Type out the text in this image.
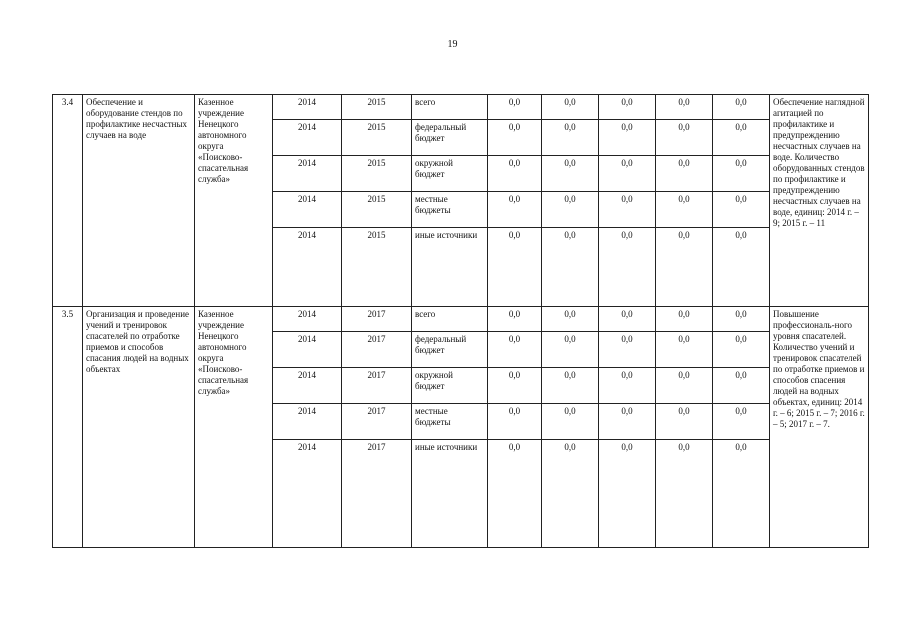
19
3.4	Обеспечение и оборудование стендов по профилактике несчастных случаев на воде	Казенное учреждение Ненецкого автономного округа «Поисково-спасательная служба»	2014	2015	всего	0,0	0,0	0,0	0,0	0,0	Обеспечение наглядной агитацией по профилактике и предупреждению несчастных случаев на воде. Количество оборудованных стендов по профилактике и предупреждению несчастных случаев на воде, единиц: 2014 г. – 9; 2015 г. – 11
			2014	2015	федеральный бюджет	0,0	0,0	0,0	0,0	0,0	
			2014	2015	окружной бюджет	0,0	0,0	0,0	0,0	0,0	
			2014	2015	местные бюджеты	0,0	0,0	0,0	0,0	0,0	
			2014	2015	иные источники	0,0	0,0	0,0	0,0	0,0	
3.5	Организация и проведение учений и тренировок спасателей по отработке приемов и способов спасания людей на водных объектах	Казенное учреждение Ненецкого автономного округа «Поисково-спасательная служба»	2014	2017	всего	0,0	0,0	0,0	0,0	0,0	Повышение профессиональ-ного уровня спасателей. Количество учений и тренировок спасателей по отработке приемов и способов спасения людей на водных объектах, единиц: 2014 г. – 6; 2015 г. – 7; 2016 г. – 5; 2017 г. – 7.
			2014	2017	федеральный бюджет	0,0	0,0	0,0	0,0	0,0	
			2014	2017	окружной бюджет	0,0	0,0	0,0	0,0	0,0	
			2014	2017	местные бюджеты	0,0	0,0	0,0	0,0	0,0	
			2014	2017	иные источники	0,0	0,0	0,0	0,0	0,0	
